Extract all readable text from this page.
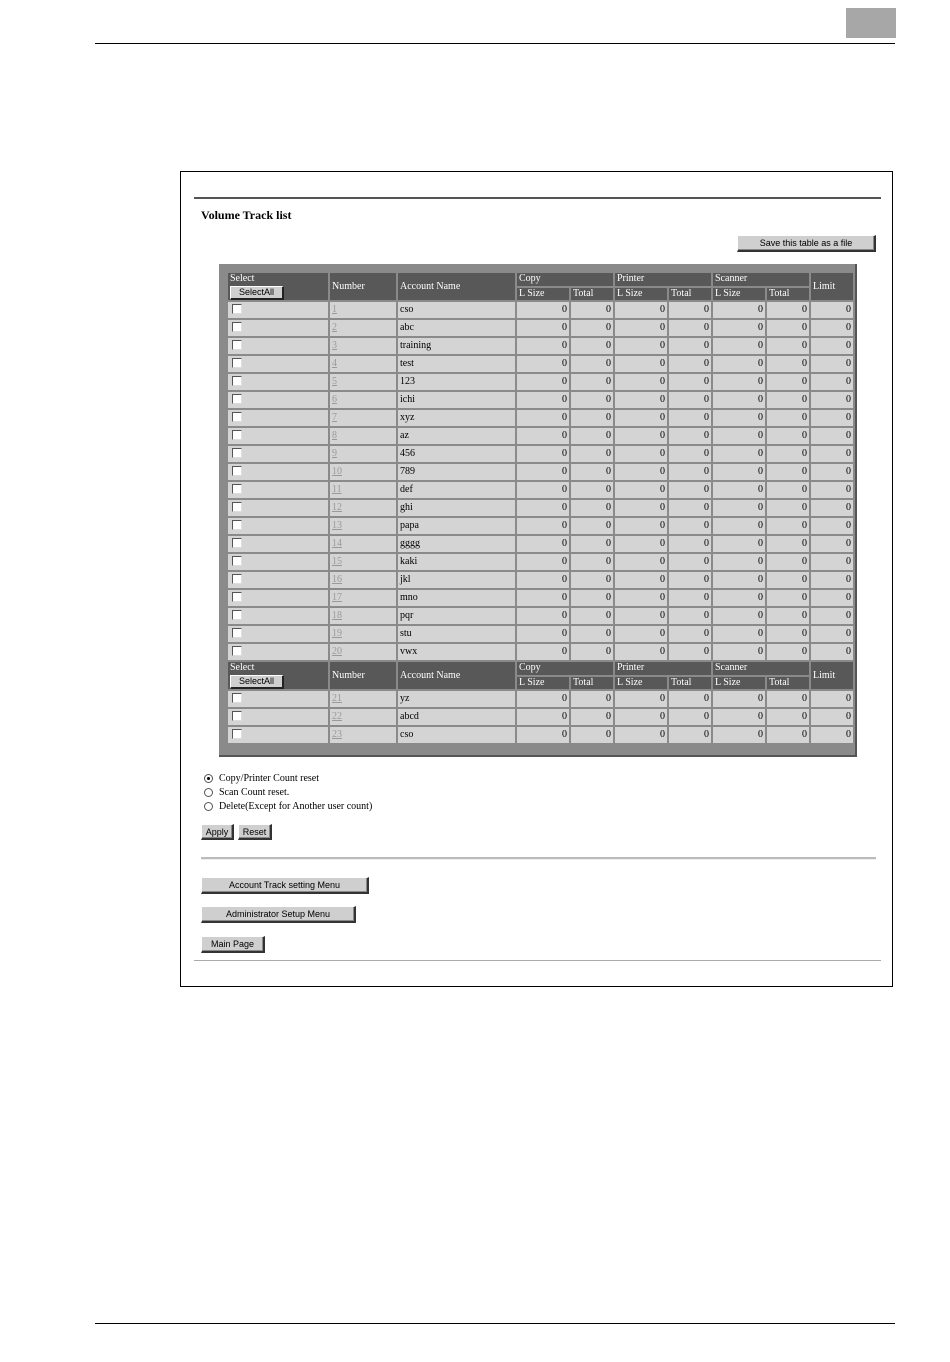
Volume Track list
Save this table as a file
Select
SelectAll	Number	Account Name	Copy		Printer		Scanner		Limit
			L Size	Total	L Size	Total	L Size	Total	
	1	cso	0	0	0	0	0	0	0
	2	abc	0	0	0	0	0	0	0
	3	training	0	0	0	0	0	0	0
	4	test	0	0	0	0	0	0	0
	5	123	0	0	0	0	0	0	0
	6	ichi	0	0	0	0	0	0	0
	7	xyz	0	0	0	0	0	0	0
	8	az	0	0	0	0	0	0	0
	9	456	0	0	0	0	0	0	0
	10	789	0	0	0	0	0	0	0
	11	def	0	0	0	0	0	0	0
	12	ghi	0	0	0	0	0	0	0
	13	papa	0	0	0	0	0	0	0
	14	gggg	0	0	0	0	0	0	0
	15	kaki	0	0	0	0	0	0	0
	16	jkl	0	0	0	0	0	0	0
	17	mno	0	0	0	0	0	0	0
	18	pqr	0	0	0	0	0	0	0
	19	stu	0	0	0	0	0	0	0
	20	vwx	0	0	0	0	0	0	0
Select
SelectAll	Number	Account Name	Copy		Printer		Scanner		Limit
			L Size	Total	L Size	Total	L Size	Total	
	21	yz	0	0	0	0	0	0	0
	22	abcd	0	0	0	0	0	0	0
	23	cso	0	0	0	0	0	0	0
Copy/Printer Count reset
Scan Count reset.
Delete(Except for Another user count)
Apply	Reset
Account Track setting Menu
Administrator Setup Menu
Main Page
